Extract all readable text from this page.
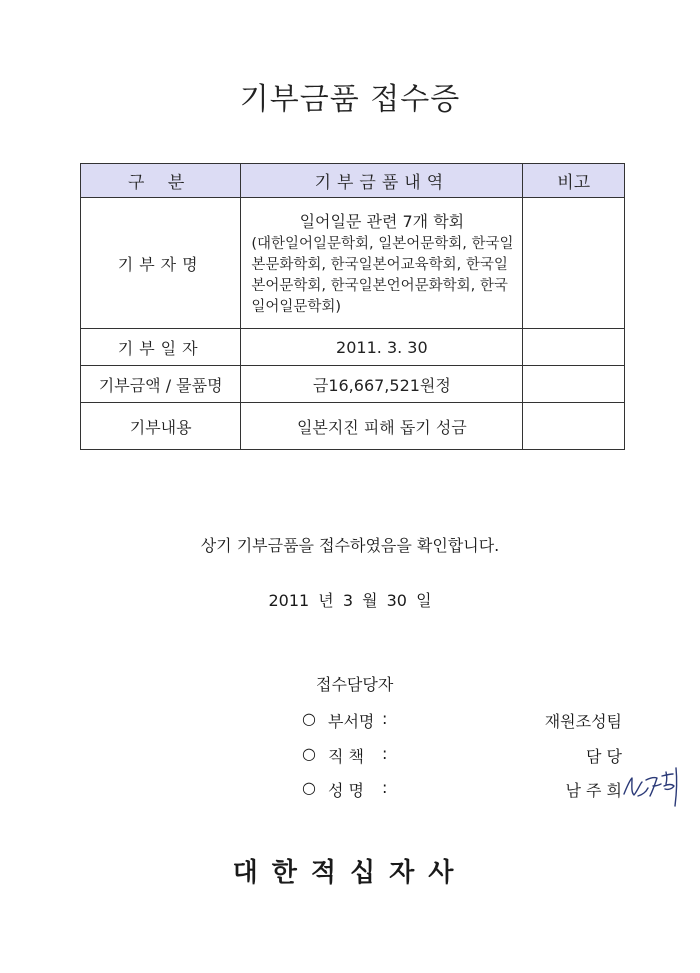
기부금품 접수증
구 분	기부금품내역	비고
기부자명	일어일문 관련 7개 학회
(대한일어일문학회, 일본어문학회, 한국일본문화학회, 한국일본어교육학회, 한국일본어문학회, 한국일본언어문화학회, 한국일어일문학회)	

기부일자	2011. 3. 30	
기부금액 / 물품명	금16,667,521원정	
기부내용	일본지진 피해 돕기 성금	
상기 기부금품을 접수하였음을 확인합니다.
2011 년 3 월 30 일
접수담당자
○ 부서명 :	재원조성팀
○ 직 책 :	담 당
○ 성 명 :	남 주 희
대한적십자사
